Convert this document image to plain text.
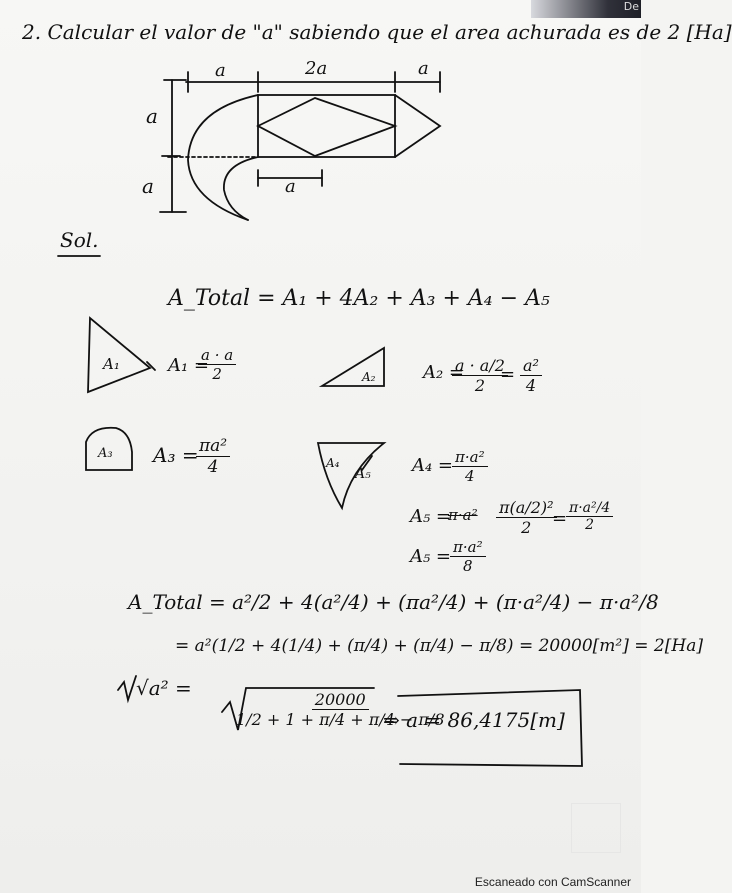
De
2. Calcular el valor de "a" sabiendo que el area achurada es de 2 [Ha]
a	2a	a
a
a	a
Sol.
A_Total = A₁ + 4A₂ + A₃ + A₄ − A₅
A₁	A₁ =
$\frac{a \cdot a}{2}$	A₂	A₂ =
$\frac{a \cdot a/2}{2}$
= $\frac{\text{a²}}{4}$
A₃ A₃ =
$\frac{\text{πa²}}{4}$	A₄
A₅ A₄ =
$\frac{\text{π·a²}}{4}$
A₅ =
$\pi\cdot a^2 \frac{\text{π(a/2)²}}{2}$
=
$\frac{\text{π·a²/4}}{2}$
A₅ =
$\frac{\text{π·a²}}{8}$
A_Total = a²/2 + 4(a²/4) + (πa²/4) + (π·a²/4) − π·a²/8
= a²(1/2 + 4(1/4) + (π/4) + (π/4) − π/8) = 20000[m²] = 2[Ha]
√a² =
$\frac{20000}{1/2 + 1 + \pi/4 + \pi/4 - \pi/8}$
⇒ a = 86,4175[m]
Escaneado con CamScanner
